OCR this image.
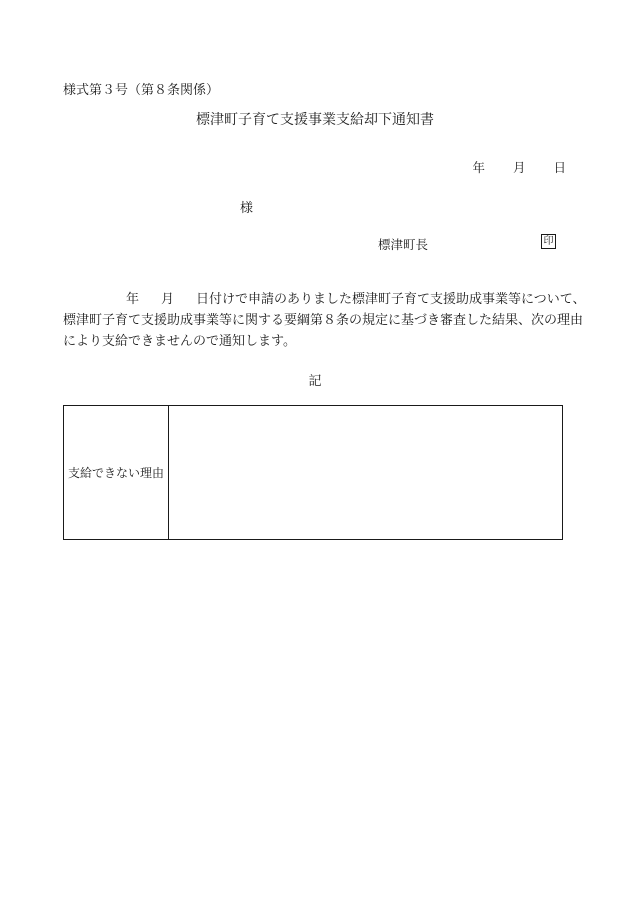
様式第３号（第８条関係）
標津町子育て支援事業支給却下通知書
年 月 日
様
標津町長	印
年 月 日付けで申請のありました標津町子育て支援助成事業等について、
標津町子育て支援助成事業等に関する要綱第８条の規定に基づき審査した結果、次の理由
により支給できませんので通知します。
記
支給できない理由	
